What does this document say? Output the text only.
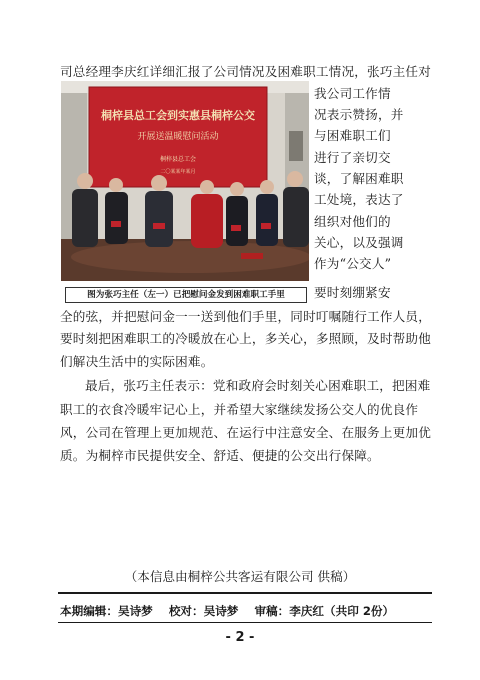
司总经理李庆红详细汇报了公司情况及困难职工情况，张巧主任对
桐梓县总工会到实惠县桐梓公交
开展送温暖慰问活动
桐梓县总工会
二〇某某年某月
图为张巧主任（左一）已把慰问金发到困难职工手里
我公司工作情
况表示赞扬，并
与困难职工们
进行了亲切交
谈，了解困难职
工处境，表达了
组织对他们的
关心，以及强调
作为“公交人”
要时刻绷紧安
全的弦，并把慰问金一一送到他们手里，同时叮嘱随行工作人员，
要时刻把困难职工的冷暖放在心上，多关心，多照顾，及时帮助他
们解决生活中的实际困难。
最后，张巧主任表示：党和政府会时刻关心困难职工，把困难
职工的衣食冷暖牢记心上，并希望大家继续发扬公交人的优良作
风，公司在管理上更加规范、在运行中注意安全、在服务上更加优
质。为桐梓市民提供安全、舒适、便捷的公交出行保障。
（本信息由桐梓公共客运有限公司 供稿）
本期编辑：吴诗梦 校对：吴诗梦 审稿：李庆红（共印 2份）
- 2 -
